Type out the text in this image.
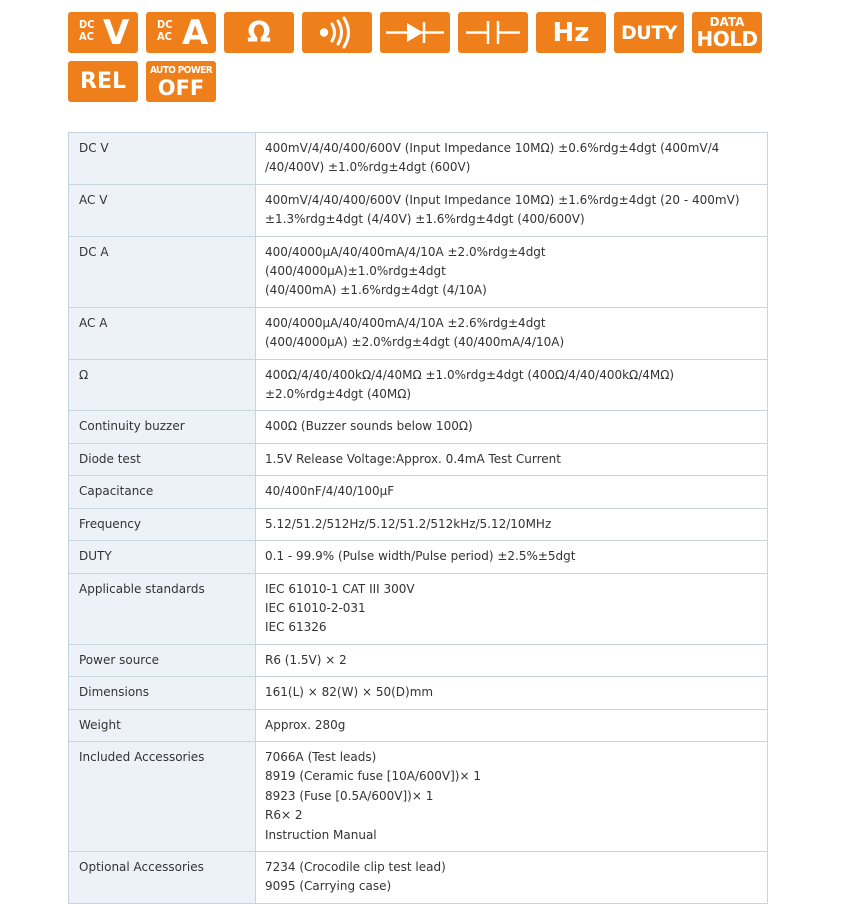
DC
AC V	DC
AC A	Ω	Hz	DUTY	DATA
HOLD
REL	AUTO POWER
OFF
DC V	400mV/4/40/400/600V (Input Impedance 10MΩ) ±0.6%rdg±4dgt (400mV/4
/40/400V) ±1.0%rdg±4dgt (600V)

AC V	400mV/4/40/400/600V (Input Impedance 10MΩ) ±1.6%rdg±4dgt (20 - 400mV)
±1.3%rdg±4dgt (4/40V) ±1.6%rdg±4dgt (400/600V)

DC A	400/4000μA/40/400mA/4/10A ±2.0%rdg±4dgt
(400/4000μA)±1.0%rdg±4dgt
(40/400mA) ±1.6%rdg±4dgt (4/10A)

AC A	400/4000μA/40/400mA/4/10A ±2.6%rdg±4dgt
(400/4000μA) ±2.0%rdg±4dgt (40/400mA/4/10A)

Ω	400Ω/4/40/400kΩ/4/40MΩ ±1.0%rdg±4dgt (400Ω/4/40/400kΩ/4MΩ)
±2.0%rdg±4dgt (40MΩ)

Continuity buzzer	400Ω (Buzzer sounds below 100Ω)

Diode test	1.5V Release Voltage:Approx. 0.4mA Test Current

Capacitance	40/400nF/4/40/100μF

Frequency	5.12/51.2/512Hz/5.12/51.2/512kHz/5.12/10MHz

DUTY	0.1 - 99.9% (Pulse width/Pulse period) ±2.5%±5dgt

Applicable standards	IEC 61010-1 CAT III 300V
IEC 61010-2-031
IEC 61326

Power source	R6 (1.5V) × 2

Dimensions	161(L) × 82(W) × 50(D)mm

Weight	Approx. 280g

Included Accessories	7066A (Test leads)
8919 (Ceramic fuse [10A/600V])× 1
8923 (Fuse [0.5A/600V])× 1
R6× 2
Instruction Manual

Optional Accessories	7234 (Crocodile clip test lead)
9095 (Carrying case)
